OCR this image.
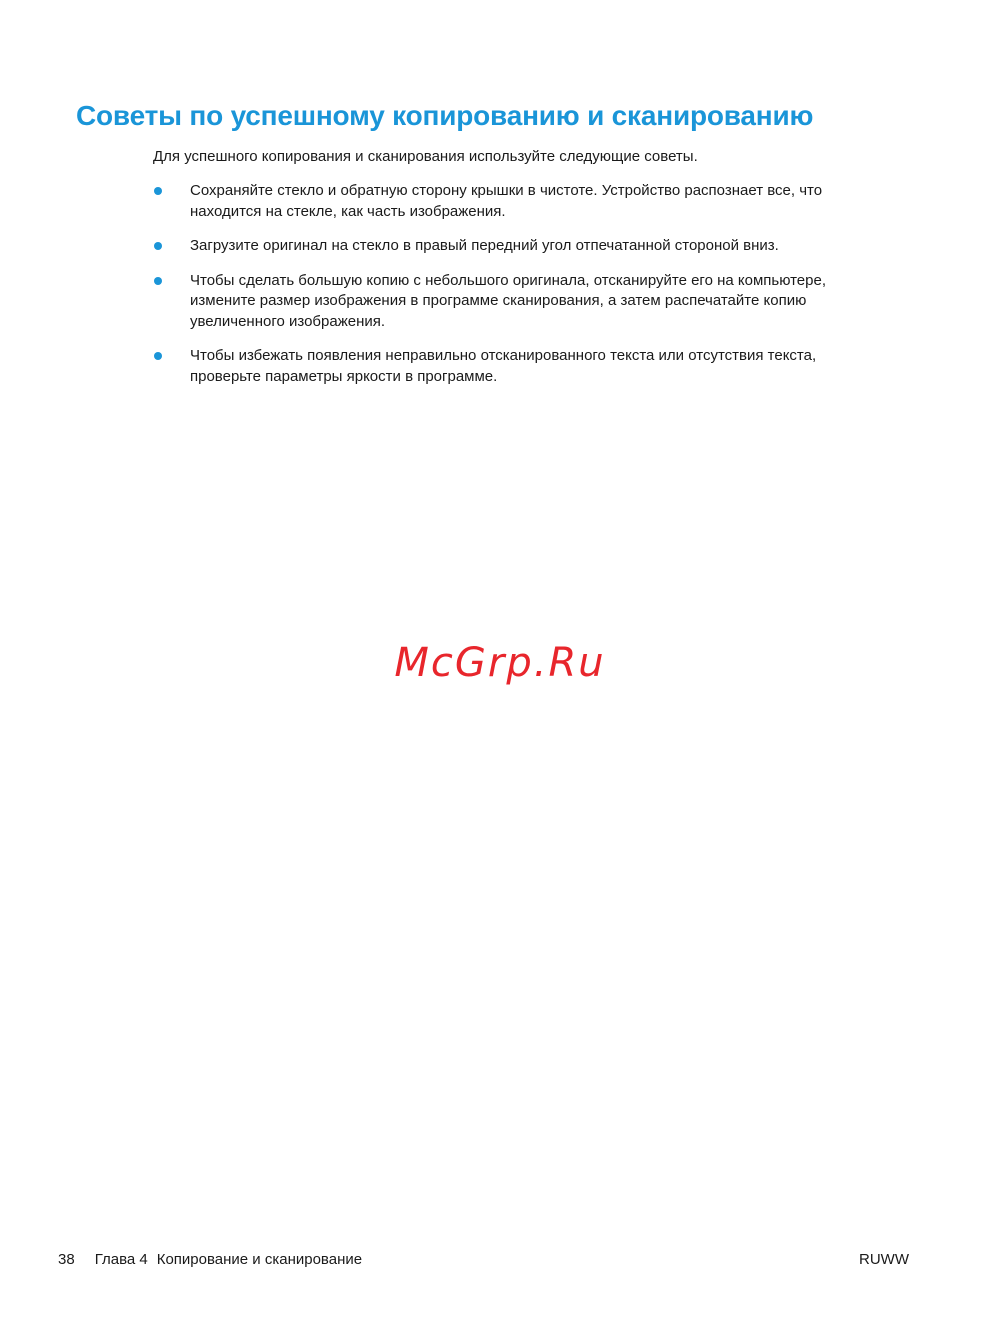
Советы по успешному копированию и сканированию

Для успешного копирования и сканирования используйте следующие советы.

Сохраняйте стекло и обратную сторону крышки в чистоте. Устройство распознает все, что
находится на стекле, как часть изображения.
Загрузите оригинал на стекло в правый передний угол отпечатанной стороной вниз.
Чтобы сделать большую копию с небольшого оригинала, отсканируйте его на компьютере,
измените размер изображения в программе сканирования, а затем распечатайте копию
увеличенного изображения.
Чтобы избежать появления неправильно отсканированного текста или отсутствия текста,
проверьте параметры яркости в программе.
McGrp.Ru
38 Глава 4 Копирование и сканирование	RUWW
